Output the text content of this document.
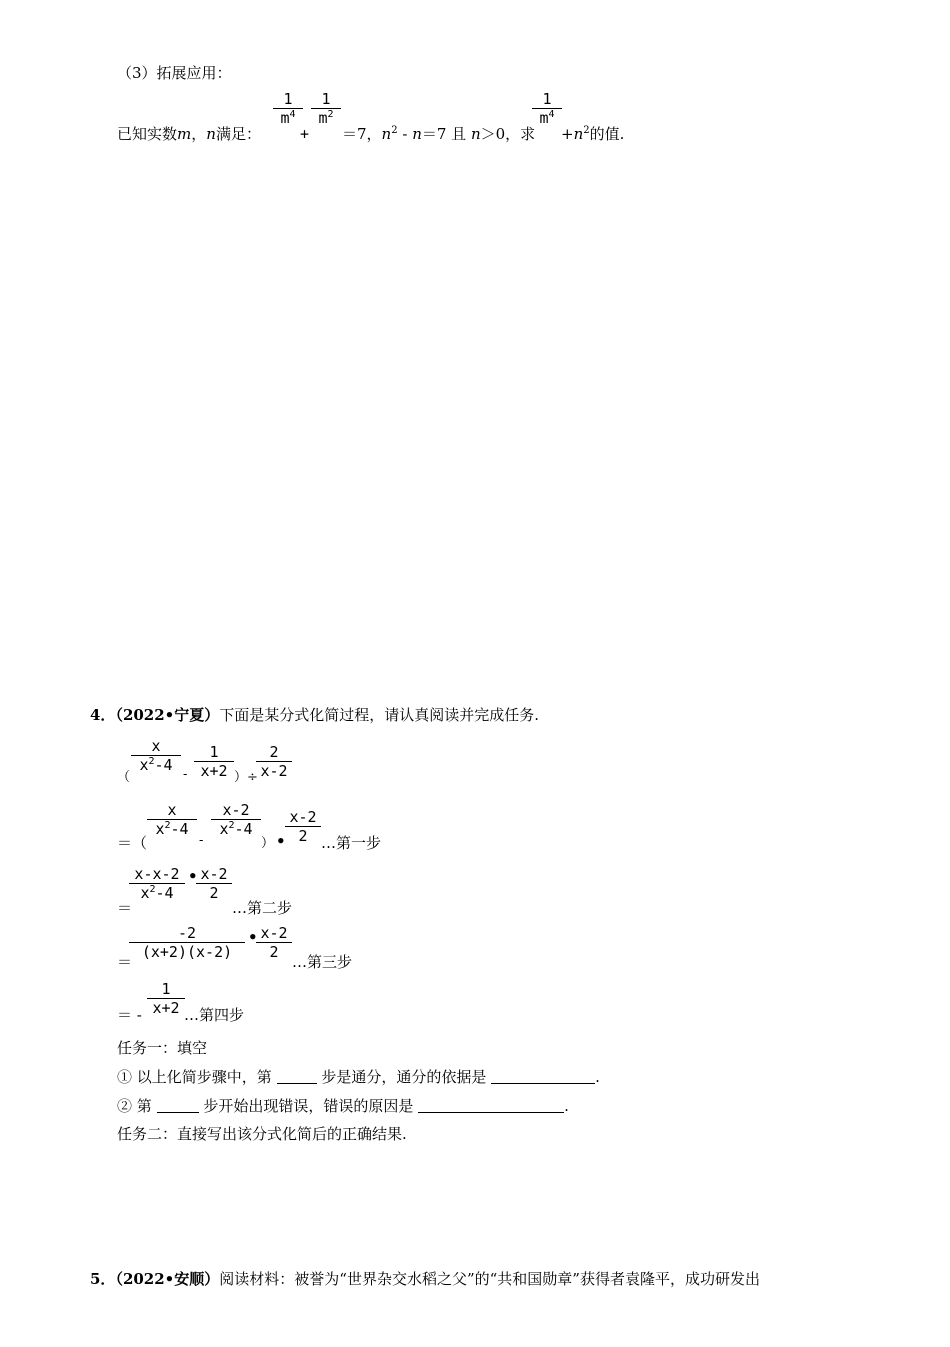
（3）拓展应用：
已知实数m，n满足：
1
$m^4$
+
1
$m^2$
＝7，$n^2 - n=7$ 且 n＞0，求
1
$m^4$
$+n^2$的值.
4．（2022•宁夏）下面是某分式化简过程，请认真阅读并完成任务.
x
$x^2-4$
（	-
1
x+2 ）÷
2
x-2
＝（
x
$x^2-4$
-
x-2
$x^2-4$
） •
x-2
2 …第一步
＝
x-x-2
$x^2-4$
• x-2
2
…第二步
＝
-2
(x+2)(x-2)
• x-2
2
…第三步
＝ -
1
x+2 …第四步
任务一：填空
① 以上化简步骤中，第	步是通分，通分的依据是	.
② 第	步开始出现错误，错误的原因是	.
任务二：直接写出该分式化简后的正确结果.
5．（2022•安顺）阅读材料：被誉为“世界杂交水稻之父”的“共和国勋章”获得者袁隆平，成功研发出
